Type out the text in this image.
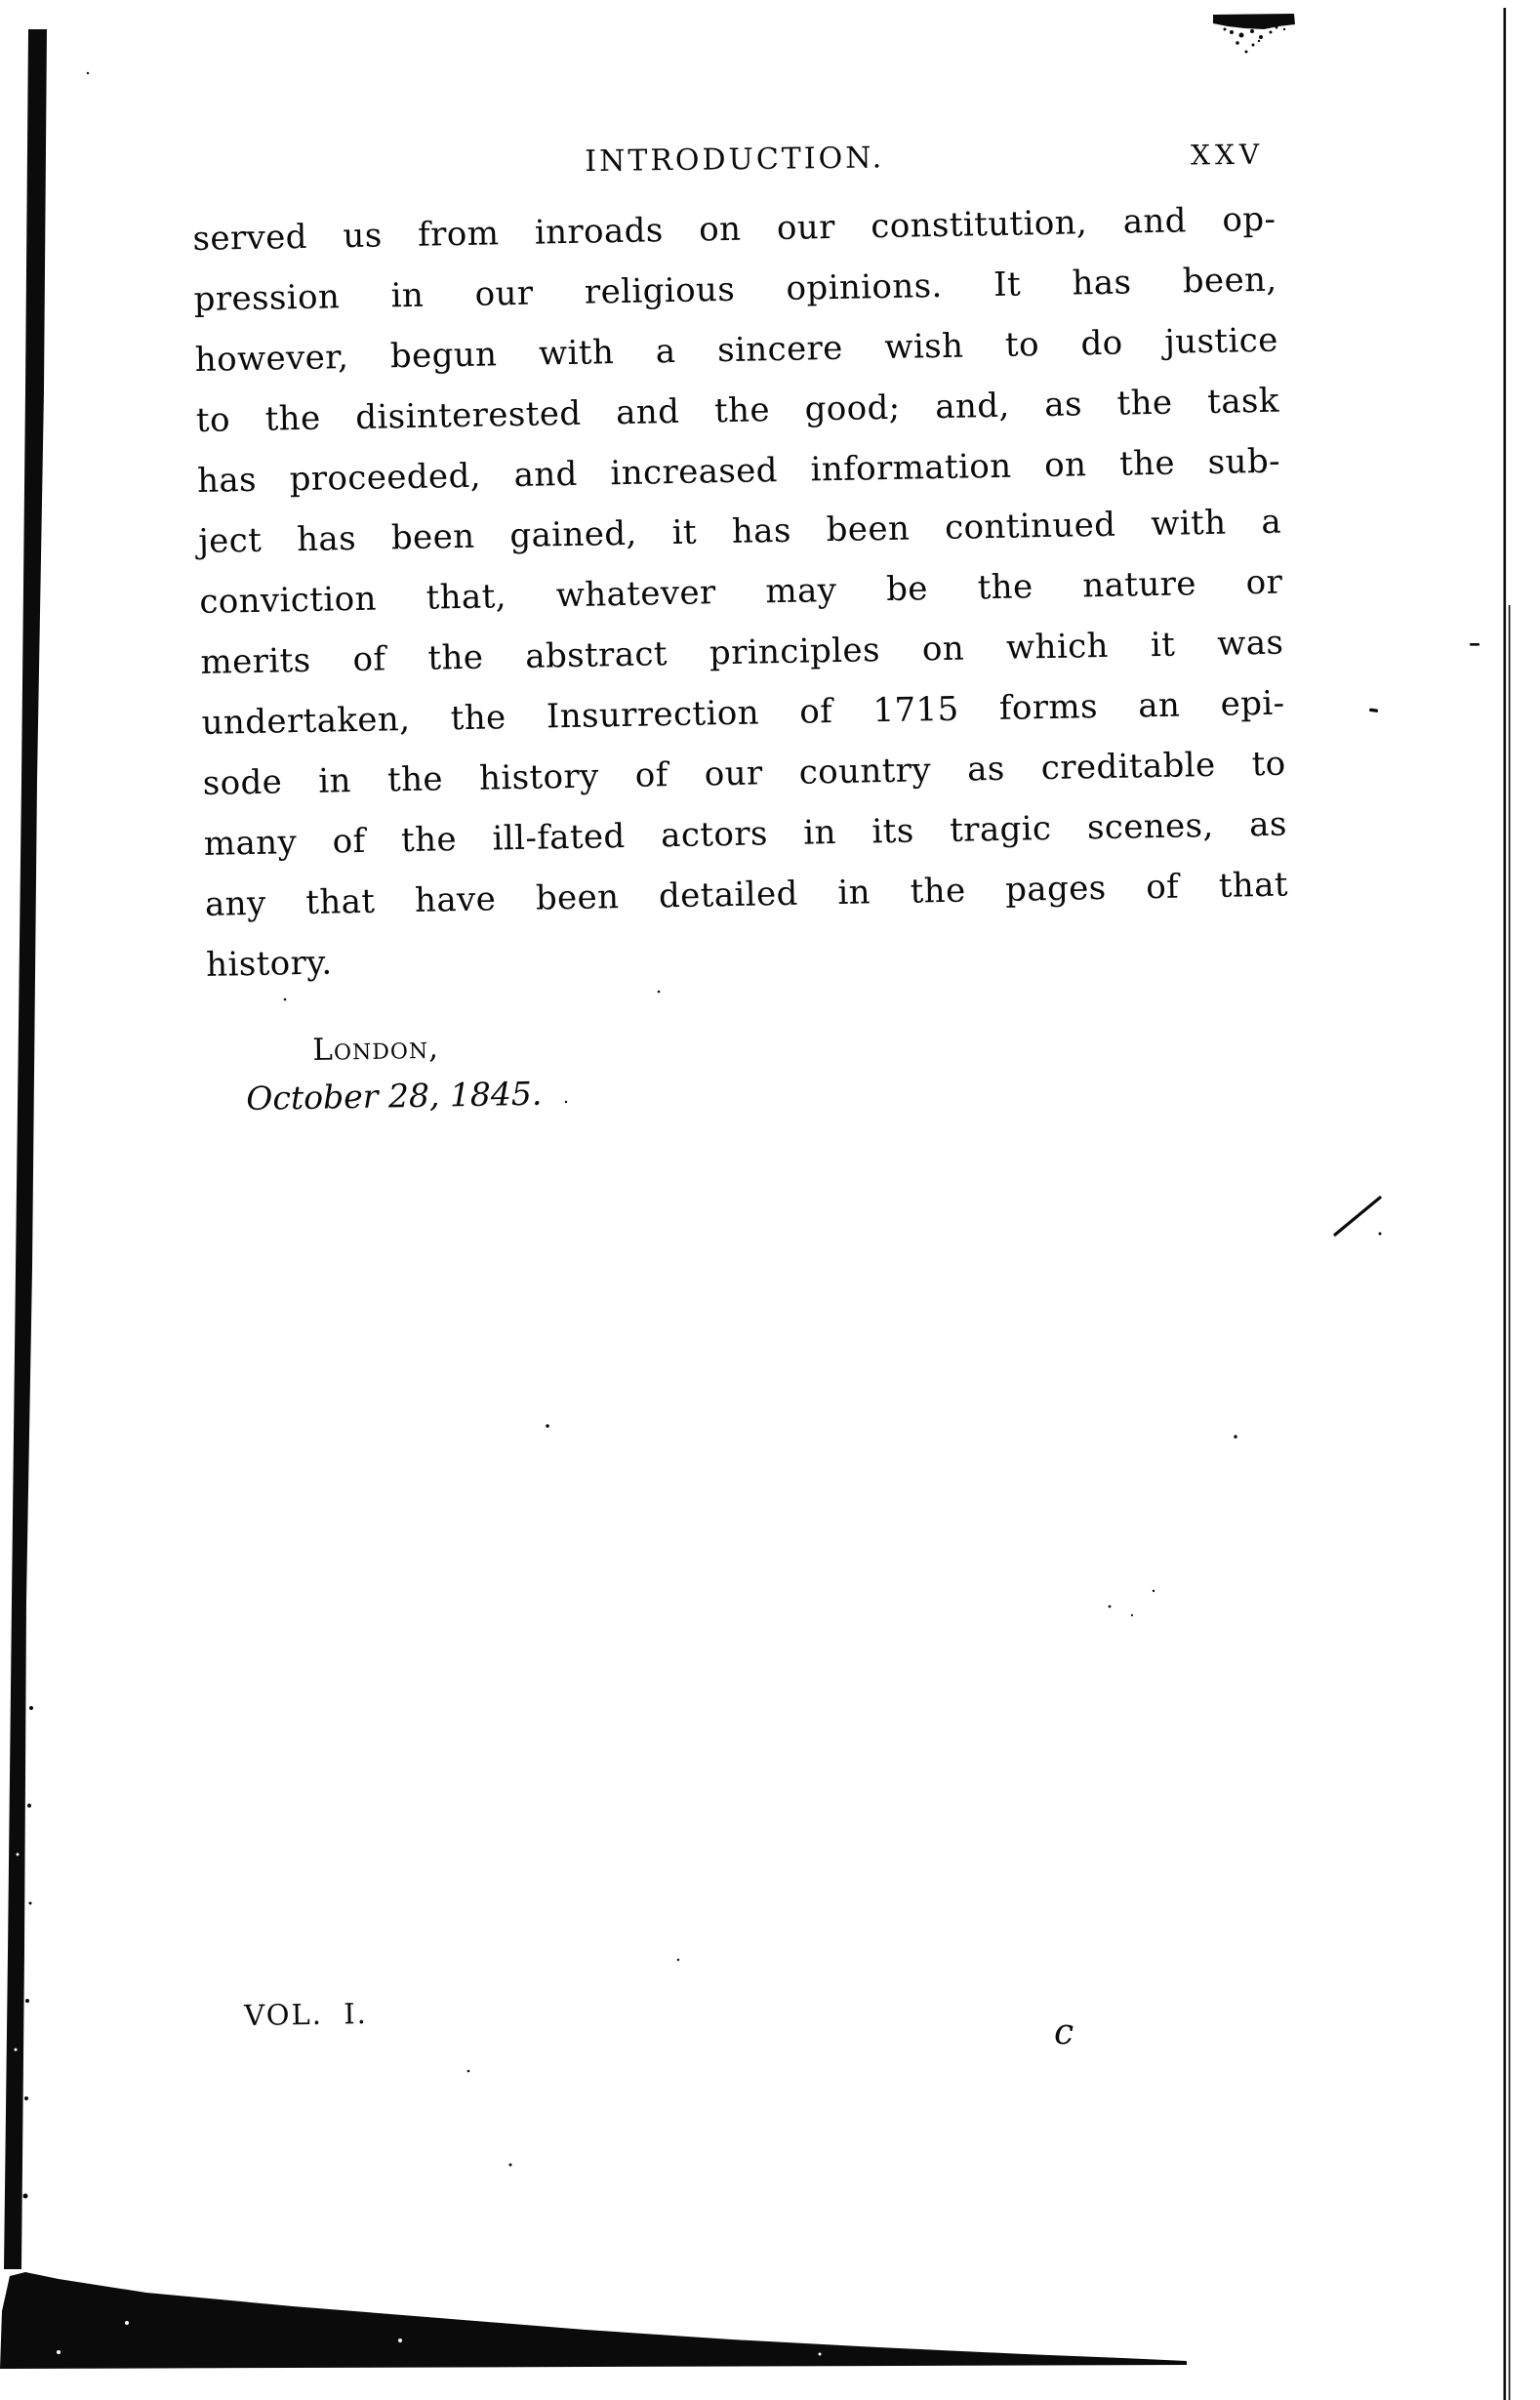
INTRODUCTION.	XXV
served us from inroads on our constitution, and op-
pression in our religious opinions. It has been,
however, begun with a sincere wish to do justice
to the disinterested and the good; and, as the task
has proceeded, and increased information on the sub-
ject has been gained, it has been continued with a
conviction that, whatever may be the nature or
merits of the abstract principles on which it was
undertaken, the Insurrection of 1715 forms an epi-
sode in the history of our country as creditable to
many of the ill-fated actors in its tragic scenes, as
any that have been detailed in the pages of that
history.
London,
October 28, 1845.
VOL. I.	c
